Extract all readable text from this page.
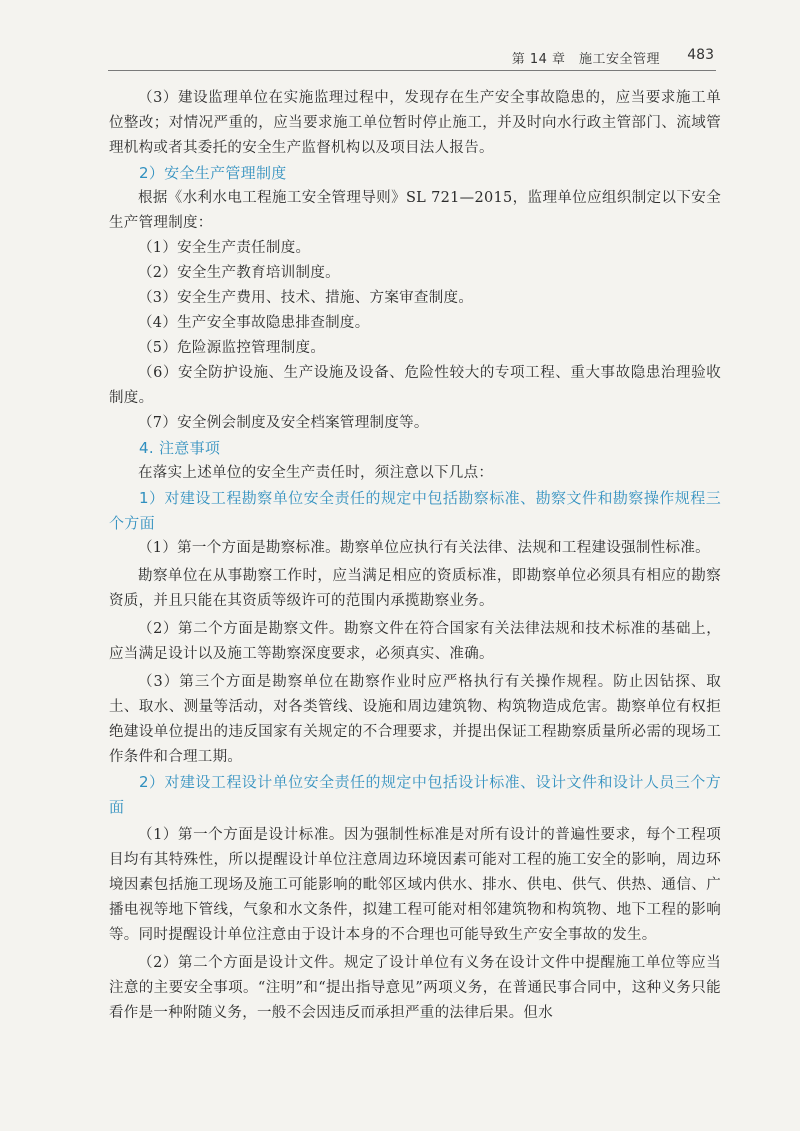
第 14 章　施工安全管理 483

（3）建设监理单位在实施监理过程中，发现存在生产安全事故隐患的，应当要求施工单位整改；对情况严重的，应当要求施工单位暂时停止施工，并及时向水行政主管部门、流域管理机构或者其委托的安全生产监督机构以及项目法人报告。

2）安全生产管理制度

根据《水利水电工程施工安全管理导则》SL 721—2015，监理单位应组织制定以下安全生产管理制度：

（1）安全生产责任制度。

（2）安全生产教育培训制度。

（3）安全生产费用、技术、措施、方案审查制度。

（4）生产安全事故隐患排查制度。

（5）危险源监控管理制度。

（6）安全防护设施、生产设施及设备、危险性较大的专项工程、重大事故隐患治理验收制度。

（7）安全例会制度及安全档案管理制度等。

4. 注意事项

在落实上述单位的安全生产责任时，须注意以下几点：

1）对建设工程勘察单位安全责任的规定中包括勘察标准、勘察文件和勘察操作规程三个方面

（1）第一个方面是勘察标准。勘察单位应执行有关法律、法规和工程建设强制性标准。

勘察单位在从事勘察工作时，应当满足相应的资质标准，即勘察单位必须具有相应的勘察资质，并且只能在其资质等级许可的范围内承揽勘察业务。

（2）第二个方面是勘察文件。勘察文件在符合国家有关法律法规和技术标准的基础上，应当满足设计以及施工等勘察深度要求，必须真实、准确。

（3）第三个方面是勘察单位在勘察作业时应严格执行有关操作规程。防止因钻探、取土、取水、测量等活动，对各类管线、设施和周边建筑物、构筑物造成危害。勘察单位有权拒绝建设单位提出的违反国家有关规定的不合理要求，并提出保证工程勘察质量所必需的现场工作条件和合理工期。

2）对建设工程设计单位安全责任的规定中包括设计标准、设计文件和设计人员三个方面

（1）第一个方面是设计标准。因为强制性标准是对所有设计的普遍性要求，每个工程项目均有其特殊性，所以提醒设计单位注意周边环境因素可能对工程的施工安全的影响，周边环境因素包括施工现场及施工可能影响的毗邻区域内供水、排水、供电、供气、供热、通信、广播电视等地下管线，气象和水文条件，拟建工程可能对相邻建筑物和构筑物、地下工程的影响等。同时提醒设计单位注意由于设计本身的不合理也可能导致生产安全事故的发生。

（2）第二个方面是设计文件。规定了设计单位有义务在设计文件中提醒施工单位等应当注意的主要安全事项。“注明”和“提出指导意见”两项义务，在普通民事合同中，这种义务只能看作是一种附随义务，一般不会因违反而承担严重的法律后果。但水
